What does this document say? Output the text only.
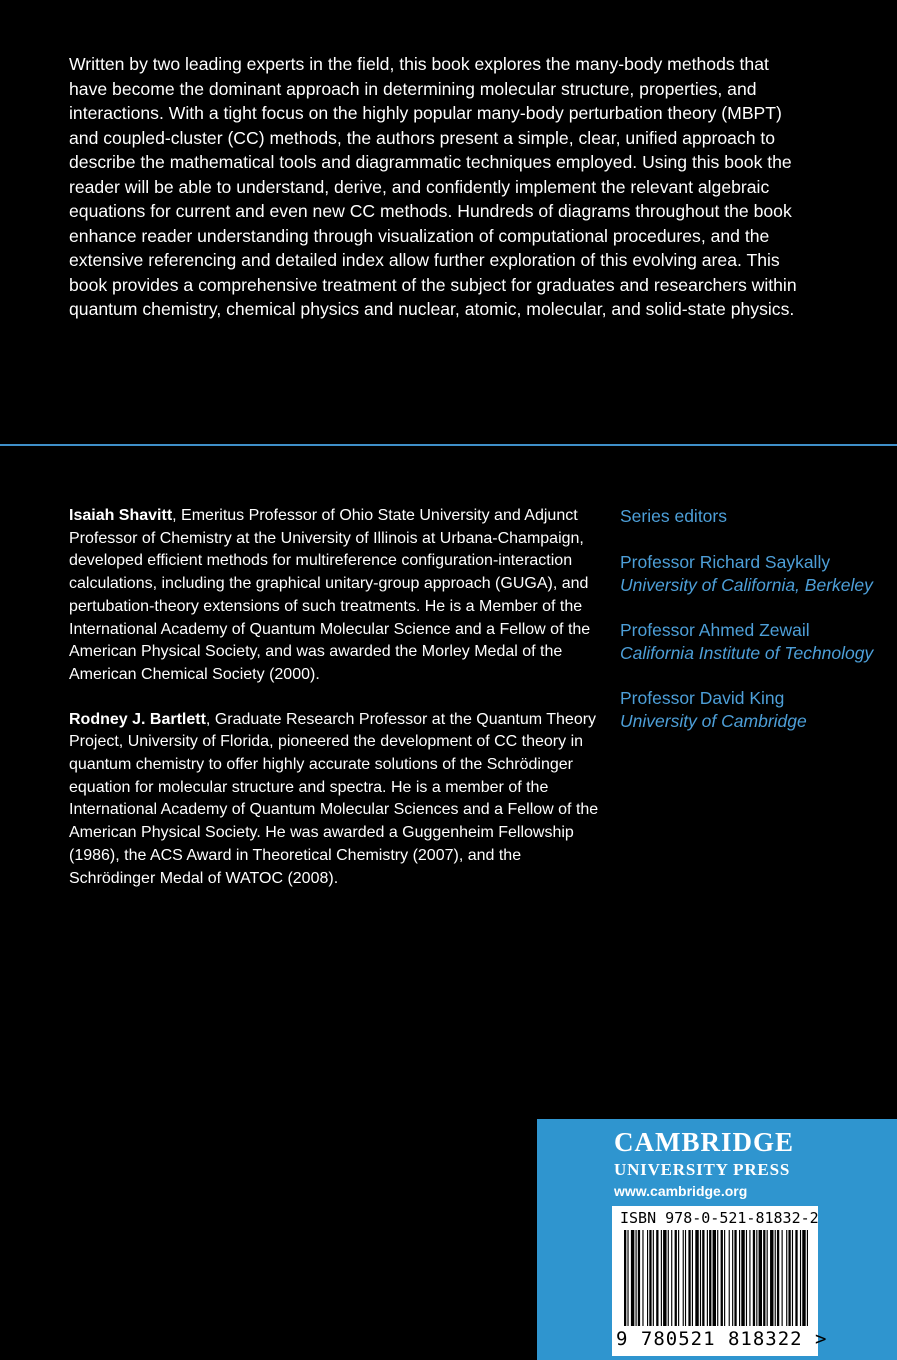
Written by two leading experts in the field, this book explores the many-body methods that have become the dominant approach in determining molecular structure, properties, and interactions. With a tight focus on the highly popular many-body perturbation theory (MBPT) and coupled-cluster (CC) methods, the authors present a simple, clear, unified approach to describe the mathematical tools and diagrammatic techniques employed. Using this book the reader will be able to understand, derive, and confidently implement the relevant algebraic equations for current and even new CC methods. Hundreds of diagrams throughout the book enhance reader understanding through visualization of computational procedures, and the extensive referencing and detailed index allow further exploration of this evolving area. This book provides a comprehensive treatment of the subject for graduates and researchers within quantum chemistry, chemical physics and nuclear, atomic, molecular, and solid-state physics.

Isaiah Shavitt, Emeritus Professor of Ohio State University and Adjunct Professor of Chemistry at the University of Illinois at Urbana-Champaign, developed efficient methods for multireference configuration-interaction calculations, including the graphical unitary-group approach (GUGA), and pertubation-theory extensions of such treatments. He is a Member of the International Academy of Quantum Molecular Science and a Fellow of the American Physical Society, and was awarded the Morley Medal of the American Chemical Society (2000).

Rodney J. Bartlett, Graduate Research Professor at the Quantum Theory Project, University of Florida, pioneered the development of CC theory in quantum chemistry to offer highly accurate solutions of the Schrödinger equation for molecular structure and spectra. He is a member of the International Academy of Quantum Molecular Sciences and a Fellow of the American Physical Society. He was awarded a Guggenheim Fellowship (1986), the ACS Award in Theoretical Chemistry (2007), and the Schrödinger Medal of WATOC (2008).

Series editors
Professor Richard Saykally
University of California, Berkeley
Professor Ahmed Zewail
California Institute of Technology
Professor David King
University of Cambridge
CAMBRIDGE
UNIVERSITY PRESS
www.cambridge.org
ISBN 978-0-521-81832-2
9 780521 818322 >
